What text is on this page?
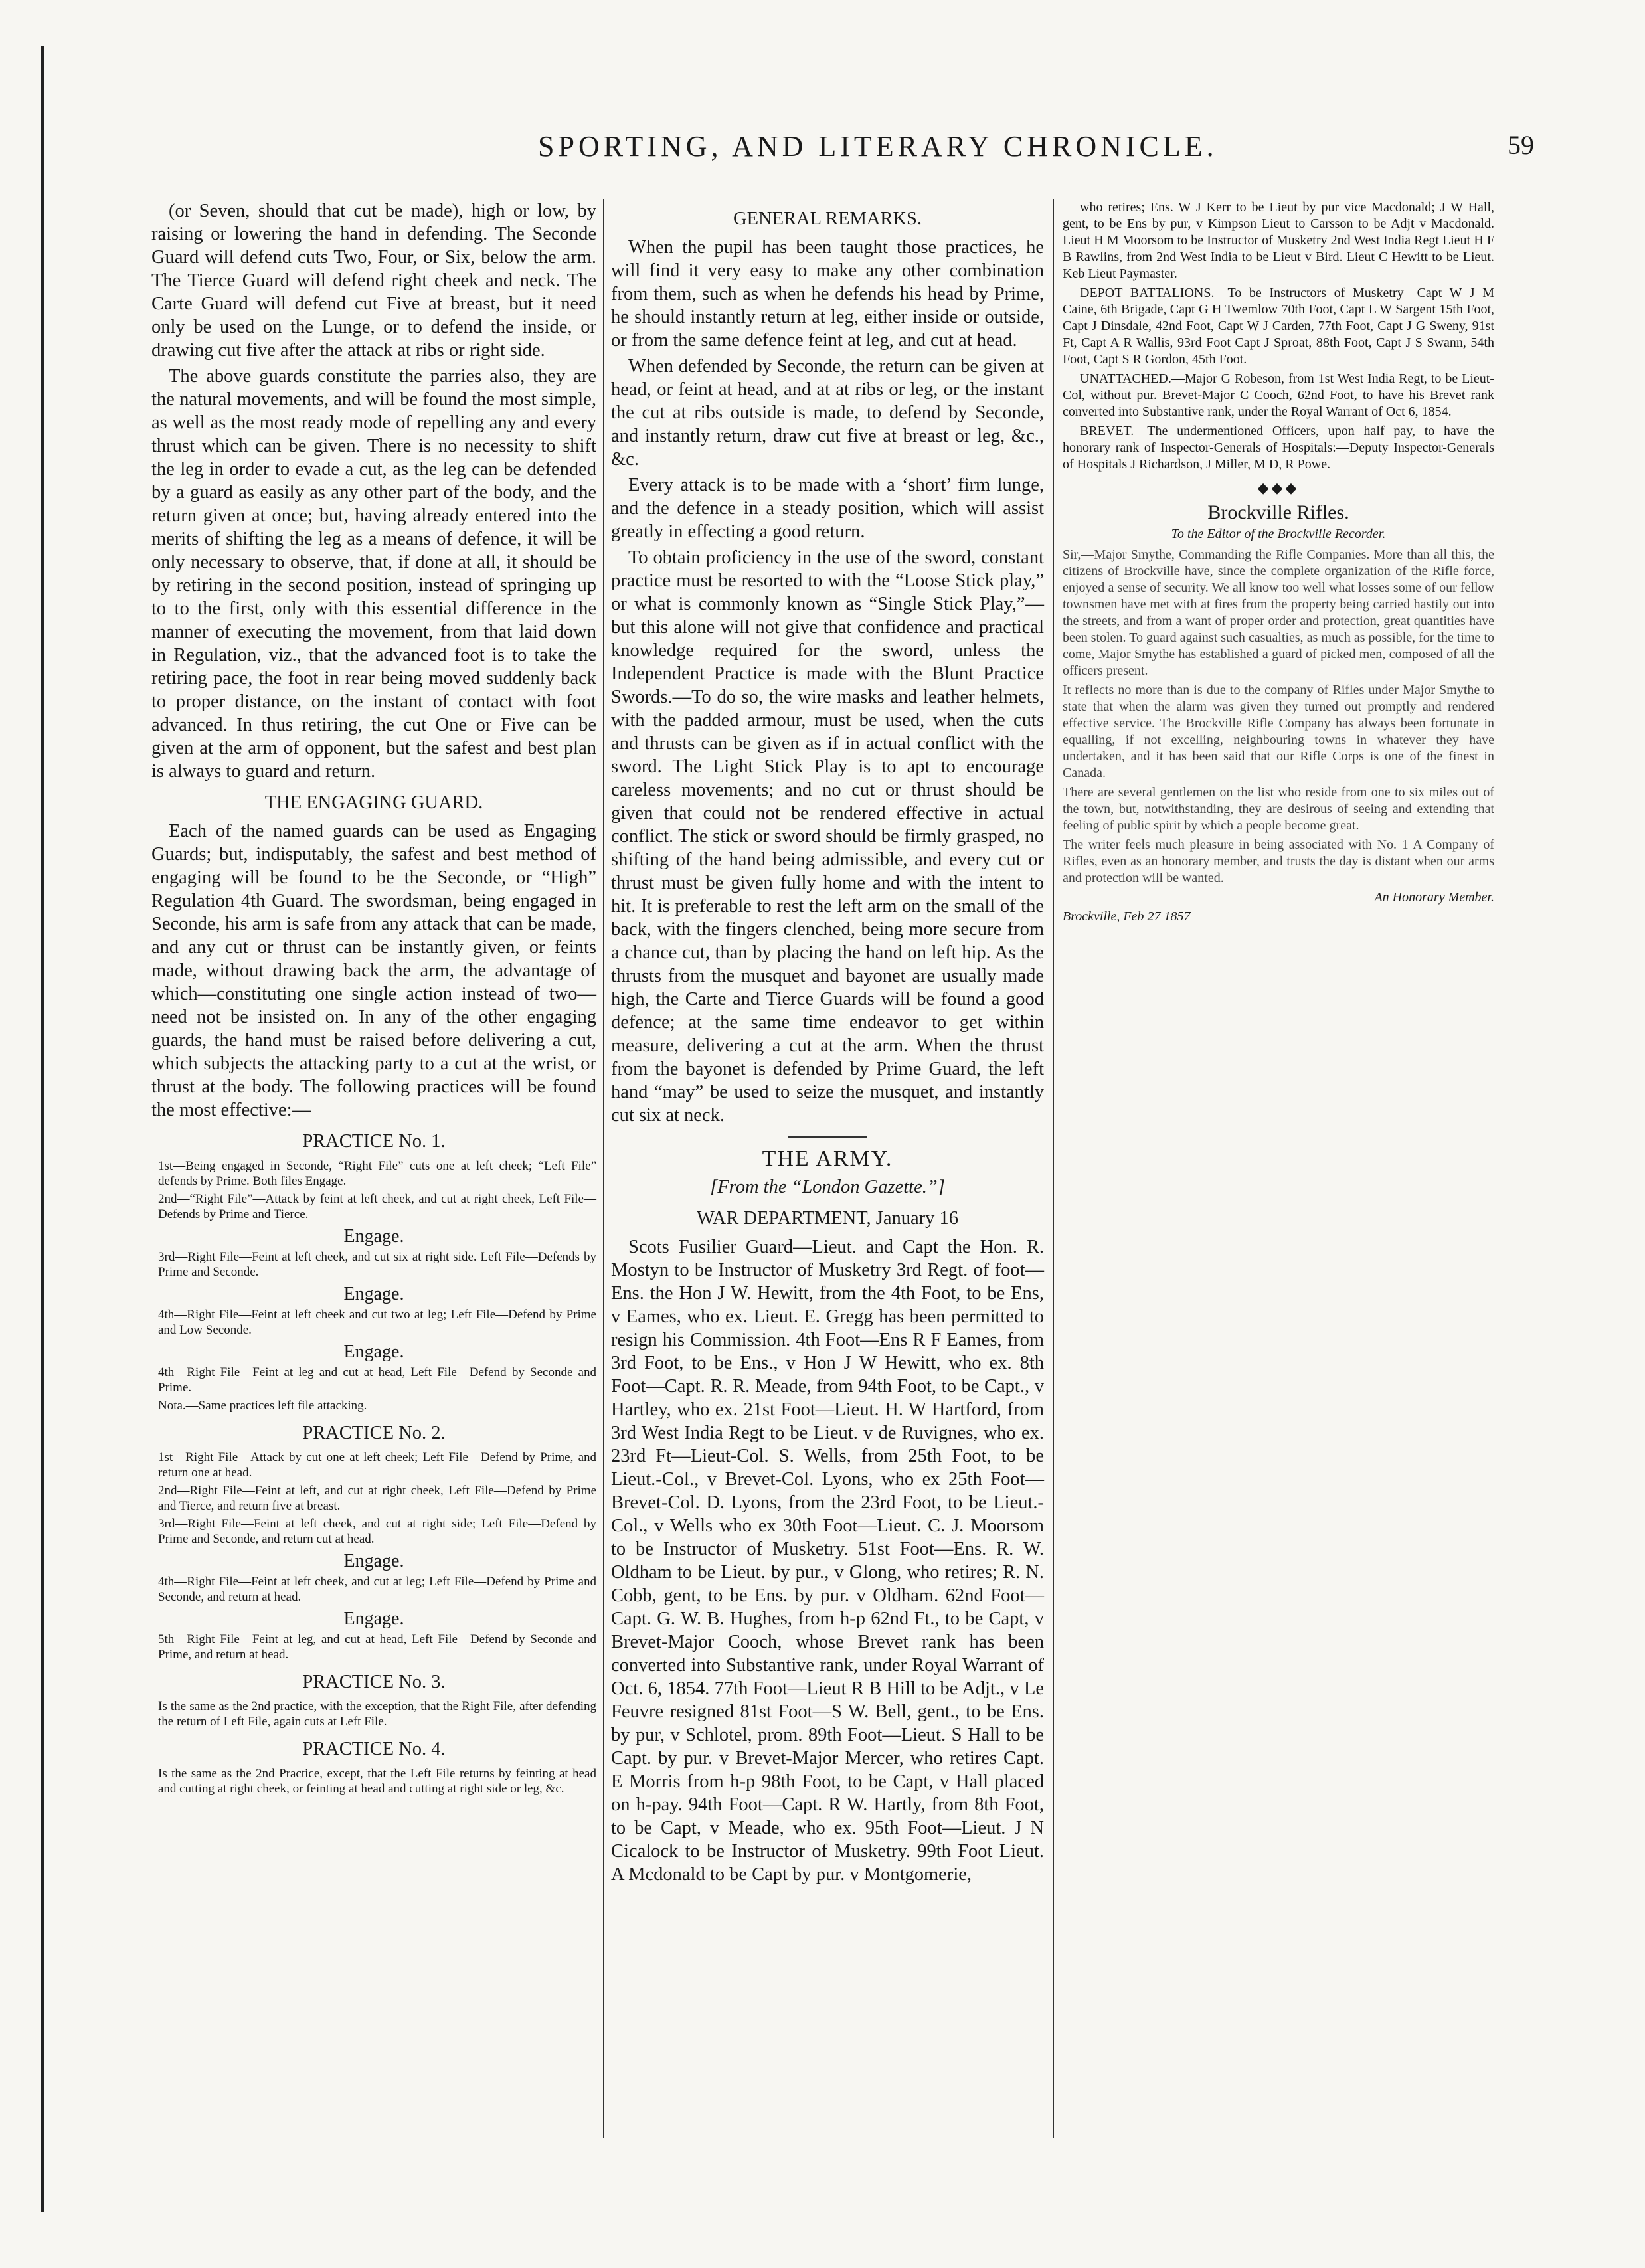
SPORTING, AND LITERARY CHRONICLE.	59

(or Seven, should that cut be made), high or low, by raising or lowering the hand in defending. The Seconde Guard will defend cuts Two, Four, or Six, below the arm. The Tierce Guard will defend right cheek and neck. The Carte Guard will defend cut Five at breast, but it need only be used on the Lunge, or to defend the inside, or drawing cut five after the attack at ribs or right side.

The above guards constitute the parries also, they are the natural movements, and will be found the most simple, as well as the most ready mode of repelling any and every thrust which can be given. There is no necessity to shift the leg in order to evade a cut, as the leg can be defended by a guard as easily as any other part of the body, and the return given at once; but, having already entered into the merits of shifting the leg as a means of defence, it will be only necessary to observe, that, if done at all, it should be by retiring in the second position, instead of springing up to to the first, only with this essential difference in the manner of executing the movement, from that laid down in Regulation, viz., that the advanced foot is to take the retiring pace, the foot in rear being moved suddenly back to proper distance, on the instant of contact with foot advanced. In thus retiring, the cut One or Five can be given at the arm of opponent, but the safest and best plan is always to guard and return.

THE ENGAGING GUARD.

Each of the named guards can be used as Engaging Guards; but, indisputably, the safest and best method of engaging will be found to be the Seconde, or “High” Regulation 4th Guard. The swordsman, being engaged in Seconde, his arm is safe from any attack that can be made, and any cut or thrust can be instantly given, or feints made, without drawing back the arm, the advantage of which—constituting one single action instead of two—need not be insisted on. In any of the other engaging guards, the hand must be raised before delivering a cut, which subjects the attacking party to a cut at the wrist, or thrust at the body. The following practices will be found the most effective:—

PRACTICE No. 1.

1st—Being engaged in Seconde, “Right File” cuts one at left cheek; “Left File” defends by Prime. Both files Engage.

2nd—“Right File”—Attack by feint at left cheek, and cut at right cheek, Left File—Defends by Prime and Tierce.

Engage.

3rd—Right File—Feint at left cheek, and cut six at right side. Left File—Defends by Prime and Seconde.

Engage.

4th—Right File—Feint at left cheek and cut two at leg; Left File—Defend by Prime and Low Seconde.

Engage.

4th—Right File—Feint at leg and cut at head, Left File—Defend by Seconde and Prime.

Nota.—Same practices left file attacking.

PRACTICE No. 2.

1st—Right File—Attack by cut one at left cheek; Left File—Defend by Prime, and return one at head.

2nd—Right File—Feint at left, and cut at right cheek, Left File—Defend by Prime and Tierce, and return five at breast.

3rd—Right File—Feint at left cheek, and cut at right side; Left File—Defend by Prime and Seconde, and return cut at head.

Engage.

4th—Right File—Feint at left cheek, and cut at leg; Left File—Defend by Prime and Seconde, and return at head.

Engage.

5th—Right File—Feint at leg, and cut at head, Left File—Defend by Seconde and Prime, and return at head.

PRACTICE No. 3.

Is the same as the 2nd practice, with the exception, that the Right File, after defending the return of Left File, again cuts at Left File.

PRACTICE No. 4.

Is the same as the 2nd Practice, except, that the Left File returns by feinting at head and cutting at right cheek, or feinting at head and cutting at right side or leg, &c.

GENERAL REMARKS.

When the pupil has been taught those practices, he will find it very easy to make any other combination from them, such as when he defends his head by Prime, he should instantly return at leg, either inside or outside, or from the same defence feint at leg, and cut at head.

When defended by Seconde, the return can be given at head, or feint at head, and at at ribs or leg, or the instant the cut at ribs outside is made, to defend by Seconde, and instantly return, draw cut five at breast or leg, &c., &c.

Every attack is to be made with a ‘short’ firm lunge, and the defence in a steady position, which will assist greatly in effecting a good return.

To obtain proficiency in the use of the sword, constant practice must be resorted to with the “Loose Stick play,” or what is commonly known as “Single Stick Play,”—but this alone will not give that confidence and practical knowledge required for the sword, unless the Independent Practice is made with the Blunt Practice Swords.—To do so, the wire masks and leather helmets, with the padded armour, must be used, when the cuts and thrusts can be given as if in actual conflict with the sword. The Light Stick Play is to apt to encourage careless movements; and no cut or thrust should be given that could not be rendered effective in actual conflict. The stick or sword should be firmly grasped, no shifting of the hand being admissible, and every cut or thrust must be given fully home and with the intent to hit. It is preferable to rest the left arm on the small of the back, with the fingers clenched, being more secure from a chance cut, than by placing the hand on left hip. As the thrusts from the musquet and bayonet are usually made high, the Carte and Tierce Guards will be found a good defence; at the same time endeavor to get within measure, delivering a cut at the arm. When the thrust from the bayonet is defended by Prime Guard, the left hand “may” be used to seize the musquet, and instantly cut six at neck.

THE ARMY.

[From the “London Gazette.”]

WAR DEPARTMENT, January 16

Scots Fusilier Guard—Lieut. and Capt the Hon. R. Mostyn to be Instructor of Musketry 3rd Regt. of foot—Ens. the Hon J W. Hewitt, from the 4th Foot, to be Ens, v Eames, who ex. Lieut. E. Gregg has been permitted to resign his Commission. 4th Foot—Ens R F Eames, from 3rd Foot, to be Ens., v Hon J W Hewitt, who ex. 8th Foot—Capt. R. R. Meade, from 94th Foot, to be Capt., v Hartley, who ex. 21st Foot—Lieut. H. W Hartford, from 3rd West India Regt to be Lieut. v de Ruvignes, who ex. 23rd Ft—Lieut-Col. S. Wells, from 25th Foot, to be Lieut.-Col., v Brevet-Col. Lyons, who ex 25th Foot—Brevet-Col. D. Lyons, from the 23rd Foot, to be Lieut.-Col., v Wells who ex 30th Foot—Lieut. C. J. Moorsom to be Instructor of Musketry. 51st Foot—Ens. R. W. Oldham to be Lieut. by pur., v Glong, who retires; R. N. Cobb, gent, to be Ens. by pur. v Oldham. 62nd Foot—Capt. G. W. B. Hughes, from h-p 62nd Ft., to be Capt, v Brevet-Major Cooch, whose Brevet rank has been converted into Substantive rank, under Royal Warrant of Oct. 6, 1854. 77th Foot—Lieut R B Hill to be Adjt., v Le Feuvre resigned 81st Foot—S W. Bell, gent., to be Ens. by pur, v Schlotel, prom. 89th Foot—Lieut. S Hall to be Capt. by pur. v Brevet-Major Mercer, who retires Capt. E Morris from h-p 98th Foot, to be Capt, v Hall placed on h-pay. 94th Foot—Capt. R W. Hartly, from 8th Foot, to be Capt, v Meade, who ex. 95th Foot—Lieut. J N Cicalock to be Instructor of Musketry. 99th Foot Lieut. A Mcdonald to be Capt by pur. v Montgomerie,

who retires; Ens. W J Kerr to be Lieut by pur vice Macdonald; J W Hall, gent, to be Ens by pur, v Kimpson Lieut to Carsson to be Adjt v Macdonald. Lieut H M Moorsom to be Instructor of Musketry 2nd West India Regt Lieut H F B Rawlins, from 2nd West India to be Lieut v Bird. Lieut C Hewitt to be Lieut. Keb Lieut Paymaster.

DEPOT BATTALIONS.—To be Instructors of Musketry—Capt W J M Caine, 6th Brigade, Capt G H Twemlow 70th Foot, Capt L W Sargent 15th Foot, Capt J Dinsdale, 42nd Foot, Capt W J Carden, 77th Foot, Capt J G Sweny, 91st Ft, Capt A R Wallis, 93rd Foot Capt J Sproat, 88th Foot, Capt J S Swann, 54th Foot, Capt S R Gordon, 45th Foot.

UNATTACHED.—Major G Robeson, from 1st West India Regt, to be Lieut-Col, without pur. Brevet-Major C Cooch, 62nd Foot, to have his Brevet rank converted into Substantive rank, under the Royal Warrant of Oct 6, 1854.

BREVET.—The undermentioned Officers, upon half pay, to have the honorary rank of Inspector-Generals of Hospitals:—Deputy Inspector-Generals of Hospitals J Richardson, J Miller, M D, R Powe.

◆◆◆

Brockville Rifles.

To the Editor of the Brockville Recorder.

Sir,—Major Smythe, Commanding the Rifle Companies. More than all this, the citizens of Brockville have, since the complete organization of the Rifle force, enjoyed a sense of security. We all know too well what losses some of our fellow townsmen have met with at fires from the property being carried hastily out into the streets, and from a want of proper order and protection, great quantities have been stolen. To guard against such casualties, as much as possible, for the time to come, Major Smythe has established a guard of picked men, composed of all the officers present.

It reflects no more than is due to the company of Rifles under Major Smythe to state that when the alarm was given they turned out promptly and rendered effective service. The Brockville Rifle Company has always been fortunate in equalling, if not excelling, neighbouring towns in whatever they have undertaken, and it has been said that our Rifle Corps is one of the finest in Canada.

There are several gentlemen on the list who reside from one to six miles out of the town, but, notwithstanding, they are desirous of seeing and extending that feeling of public spirit by which a people become great.

The writer feels much pleasure in being associated with No. 1 A Company of Rifles, even as an honorary member, and trusts the day is distant when our arms and protection will be wanted.

An Honorary Member.

Brockville, Feb 27 1857
